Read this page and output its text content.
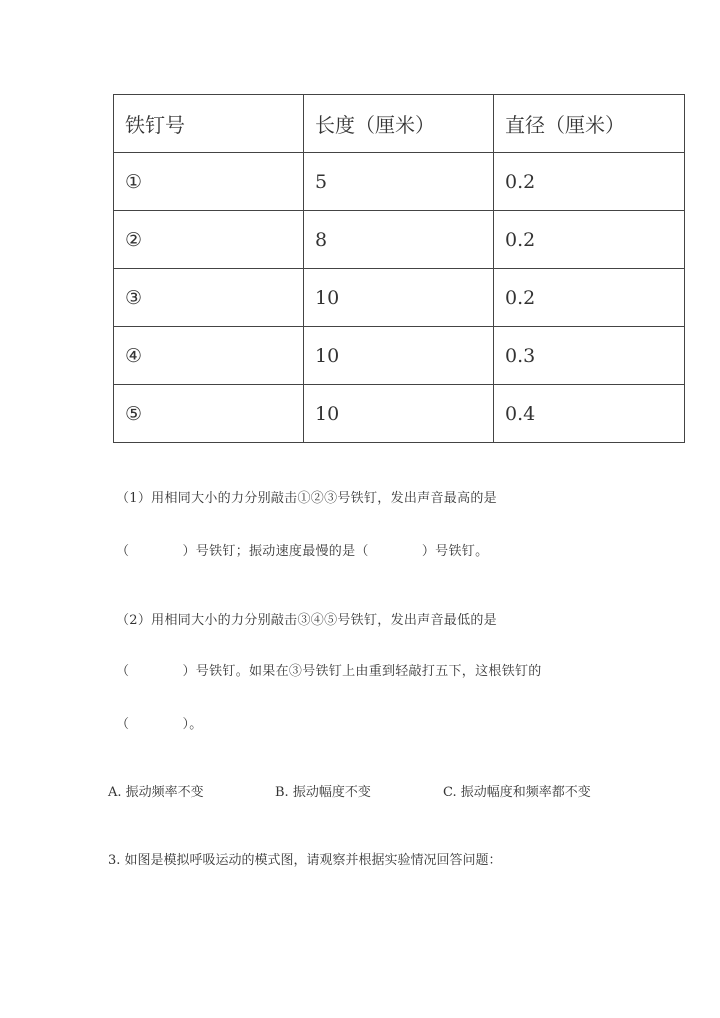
铁钉号	长度（厘米）	直径（厘米）
①	5	0.2
②	8	0.2
③	10	0.2
④	10	0.3
⑤	10	0.4
（1）用相同大小的力分别敲击①②③号铁钉，发出声音最高的是
（            ）号铁钉；振动速度最慢的是（            ）号铁钉。
（2）用相同大小的力分别敲击③④⑤号铁钉，发出声音最低的是
（            ）号铁钉。如果在③号铁钉上由重到轻敲打五下，这根铁钉的
（            ）。
A. 振动频率不变	B. 振动幅度不变	C. 振动幅度和频率都不变
3. 如图是模拟呼吸运动的模式图，请观察并根据实验情况回答问题：
